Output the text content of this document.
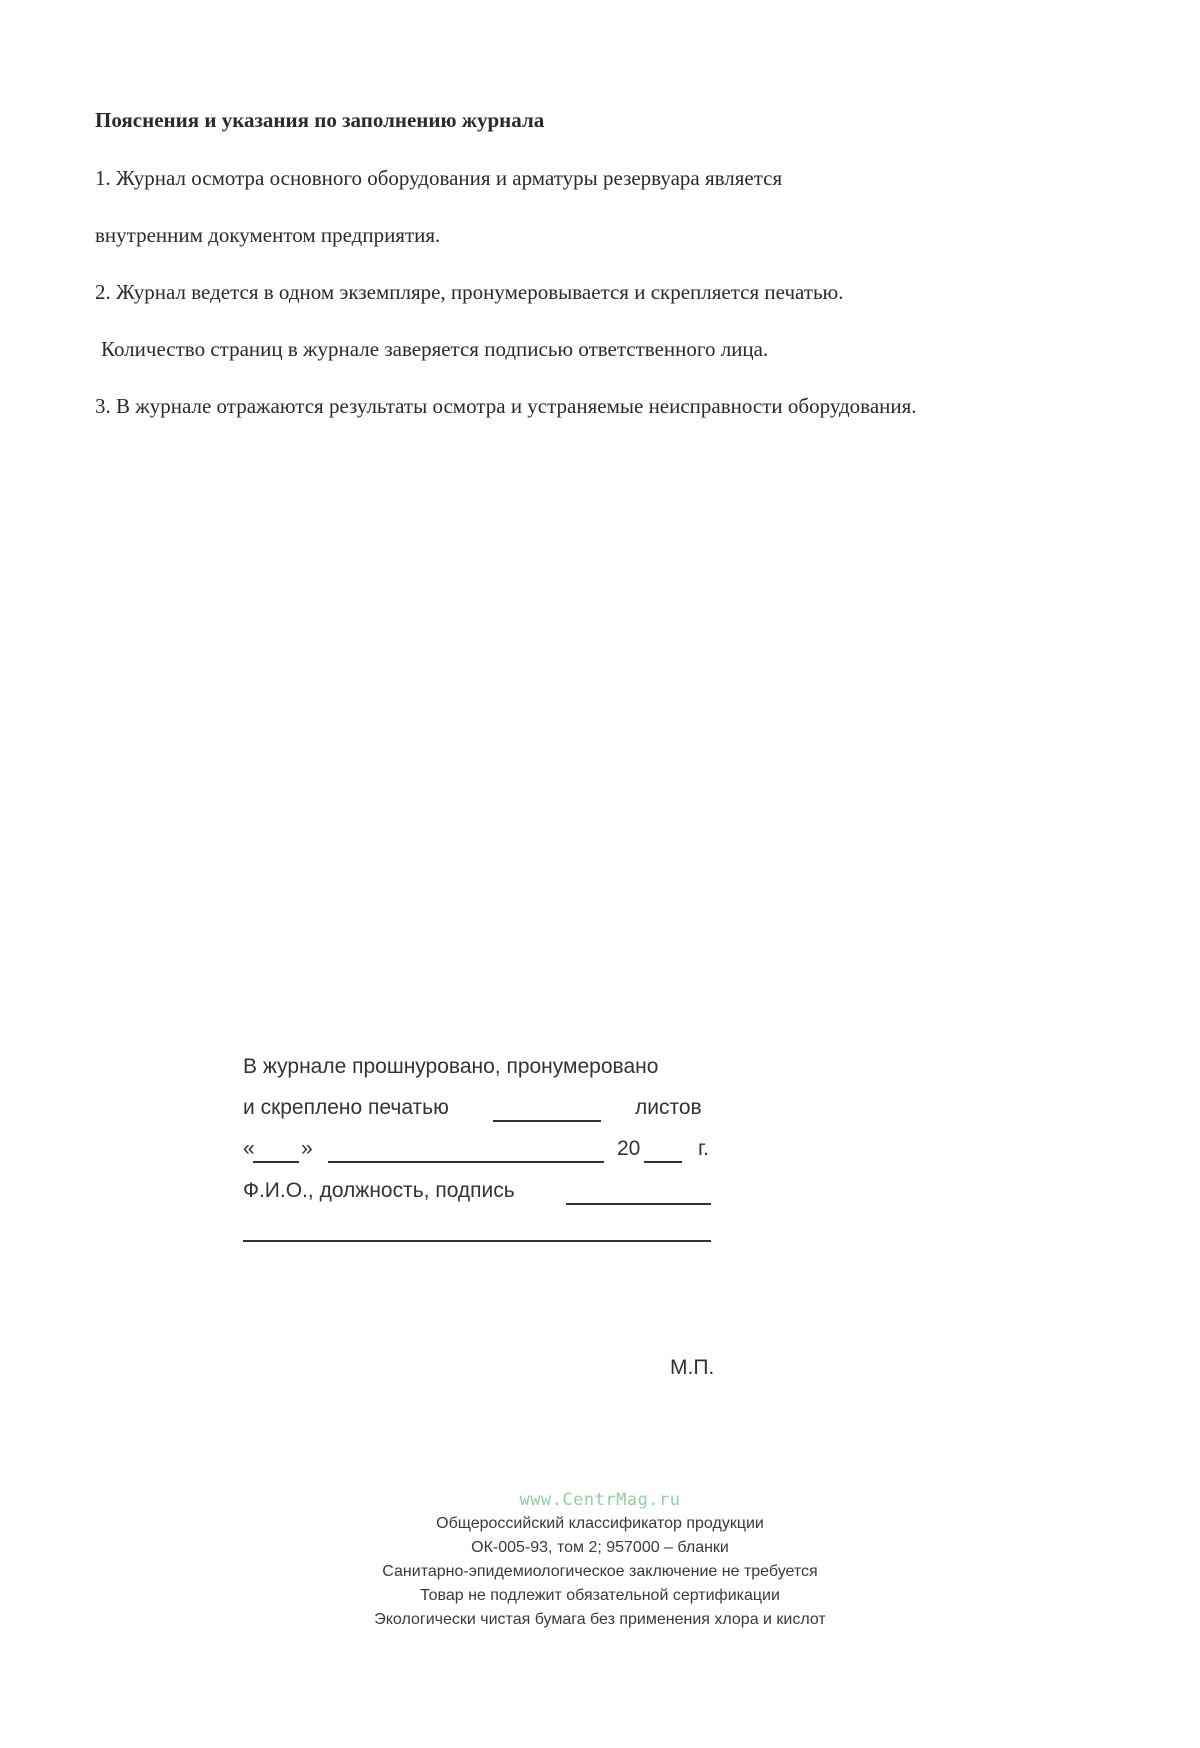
Пояснения и указания по заполнению журнала
1. Журнал осмотра основного оборудования и арматуры резервуара является
внутренним документом предприятия.
2. Журнал ведется в одном экземпляре, пронумеровывается и скрепляется печатью.
Количество страниц в журнале заверяется подписью ответственного лица.
3. В журнале отражаются результаты осмотра и устраняемые неисправности оборудования.
В журнале прошнуровано, пронумеровано
и скреплено печатью	листов
« »	20	г.
Ф.И.О., должность, подпись
М.П.
www.CentrMag.ru
Общероссийский классификатор продукции
ОК-005-93, том 2; 957000 – бланки
Санитарно-эпидемиологическое заключение не требуется
Товар не подлежит обязательной сертификации
Экологически чистая бумага без применения хлора и кислот
